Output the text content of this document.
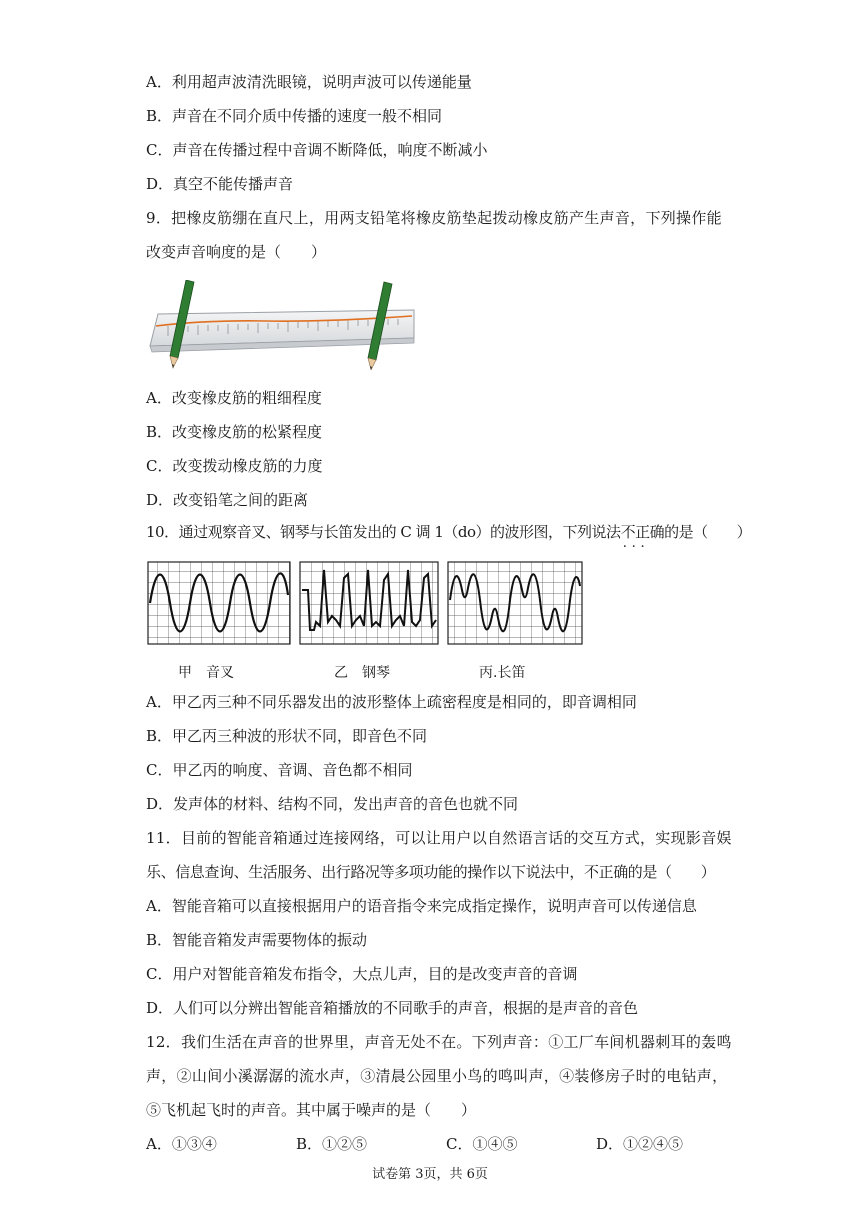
A．利用超声波清洗眼镜，说明声波可以传递能量
B．声音在不同介质中传播的速度一般不相同
C．声音在传播过程中音调不断降低，响度不断减小
D．真空不能传播声音
9．把橡皮筋绷在直尺上，用两支铅笔将橡皮筋垫起拨动橡皮筋产生声音，下列操作能
改变声音响度的是（　　）
A．改变橡皮筋的粗细程度
B．改变橡皮筋的松紧程度
C．改变拨动橡皮筋的力度
D．改变铅笔之间的距离
10．通过观察音叉、钢琴与长笛发出的 C 调 1（do）的波形图，下列说法不正确 · · ·的是（　　）
甲　音叉	乙　钢琴	丙.长笛
A．甲乙丙三种不同乐器发出的波形整体上疏密程度是相同的，即音调相同
B．甲乙丙三种波的形状不同，即音色不同
C．甲乙丙的响度、音调、音色都不相同
D．发声体的材料、结构不同，发出声音的音色也就不同
11．目前的智能音箱通过连接网络，可以让用户以自然语言话的交互方式，实现影音娱
乐、信息查询、生活服务、出行路况等多项功能的操作以下说法中，不正确的是（　　）
A．智能音箱可以直接根据用户的语音指令来完成指定操作，说明声音可以传递信息
B．智能音箱发声需要物体的振动
C．用户对智能音箱发布指令，大点儿声，目的是改变声音的音调
D．人们可以分辨出智能音箱播放的不同歌手的声音，根据的是声音的音色
12．我们生活在声音的世界里，声音无处不在。下列声音：①工厂车间机器刺耳的轰鸣
声，②山间小溪潺潺的流水声，③清晨公园里小鸟的鸣叫声，④装修房子时的电钻声，
⑤飞机起飞时的声音。其中属于噪声的是（　　）
A．①③④	B．①②⑤	C．①④⑤	D．①②④⑤
试卷第 3页，共 6页
